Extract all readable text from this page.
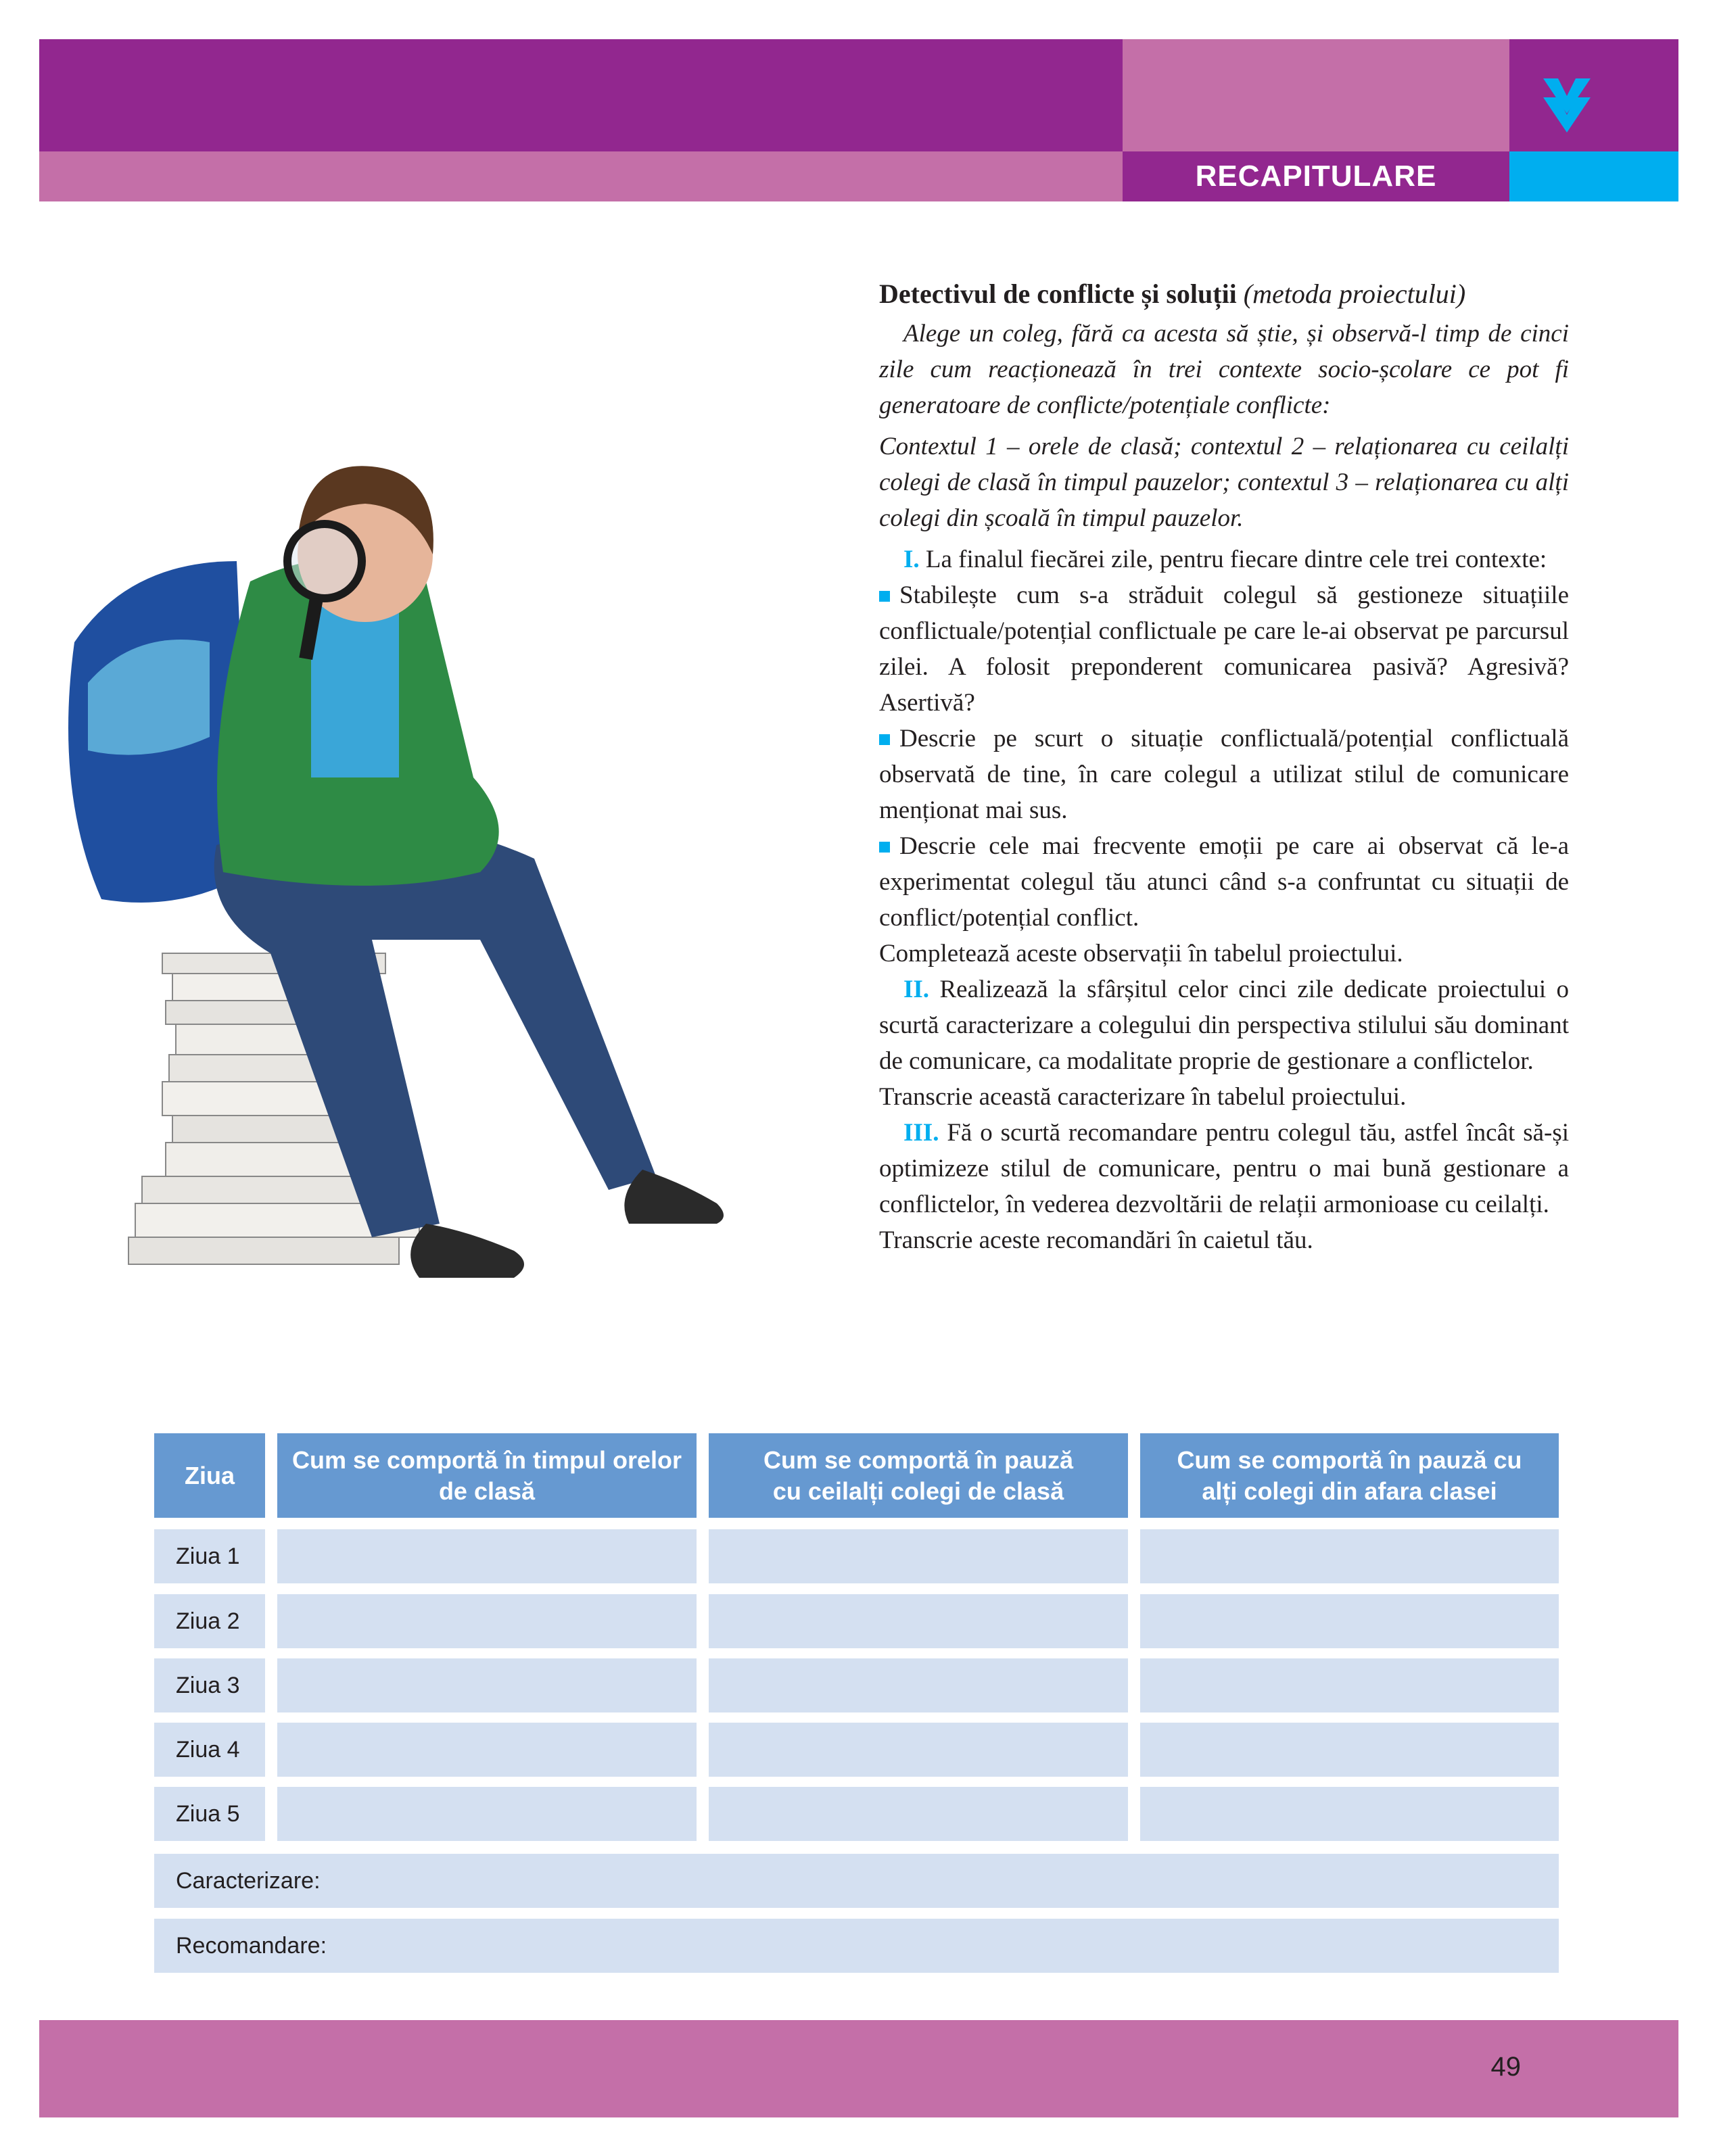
RECAPITULARE

Detectivul de conflicte și soluții (metoda proiectului)

Alege un coleg, fără ca acesta să știe, și observă-l timp de cinci zile cum reacționează în trei contexte socio-școlare ce pot fi generatoare de conflicte/potențiale conflicte:

Contextul 1 – orele de clasă; contextul 2 – relaționarea cu ceilalți colegi de clasă în timpul pauzelor; contextul 3 – relaționarea cu alți colegi din școală în timpul pauzelor.

I. La finalul fiecărei zile, pentru fiecare dintre cele trei contexte:

Stabilește cum s-a străduit colegul să gestioneze situațiile conflictuale/potențial conflictuale pe care le-ai observat pe parcursul zilei. A folosit preponderent comunicarea pasivă? Agresivă? Asertivă?

Descrie pe scurt o situație conflictuală/potențial conflictuală observată de tine, în care colegul a utilizat stilul de comunicare menționat mai sus.

Descrie cele mai frecvente emoții pe care ai observat că le-a experimentat colegul tău atunci când s-a confruntat cu situații de conflict/potențial conflict.

Completează aceste observații în tabelul proiectului.

II. Realizează la sfârșitul celor cinci zile dedicate proiectului o scurtă caracterizare a colegului din perspectiva stilului său dominant de comunicare, ca modalitate proprie de gestionare a conflictelor.

Transcrie această caracterizare în tabelul proiectului.

III. Fă o scurtă recomandare pentru colegul tău, astfel încât să-și optimizeze stilul de comunicare, pentru o mai bună gestionare a conflictelor, în vederea dezvoltării de relații armonioase cu ceilalți.

Transcrie aceste recomandări în caietul tău.

Ziua
Cum se comportă în timpul orelor de clasă
Cum se comportă în pauză cu ceilalți colegi de clasă
Cum se comportă în pauză cu alți colegi din afara clasei
Ziua 1
Ziua 2
Ziua 3
Ziua 4
Ziua 5
Caracterizare:
Recomandare:
49
